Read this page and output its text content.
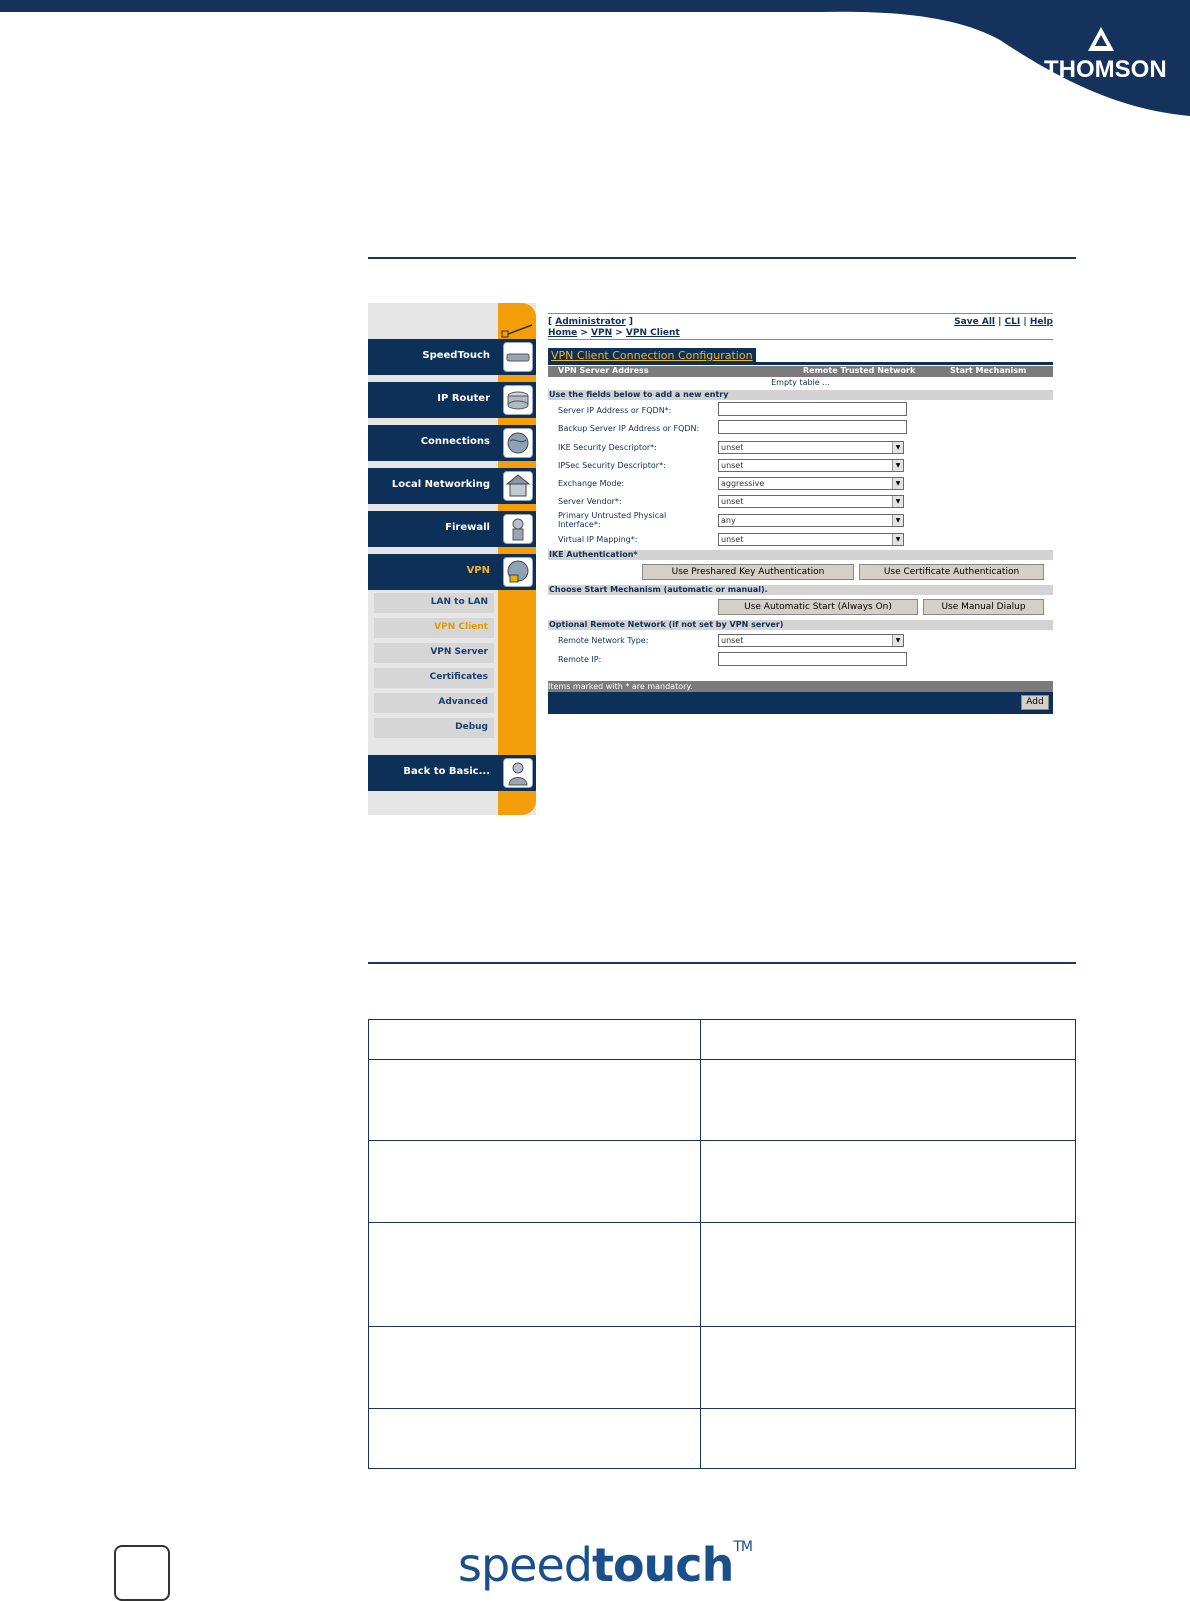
THOMSON
SpeedTouch
IP Router
Connections
Local Networking
Firewall
VPN
LAN to LAN
VPN Client
VPN Server
Certificates
Advanced
Debug
Back to Basic...
[ Administrator ]	Save All | CLI | Help
Home > VPN > VPN Client
VPN Client Connection Configuration
VPN Server Address	Remote Trusted Network	Start Mechanism
Empty table ...
Use the fields below to add a new entry
Server IP Address or FQDN*:
Backup Server IP Address or FQDN:
IKE Security Descriptor*:	unset	▼
IPSec Security Descriptor*:	unset	▼
Exchange Mode:	aggressive	▼
Server Vendor*:	unset	▼
Primary Untrusted Physical
Interface*:	any	▼
Virtual IP Mapping*:	unset	▼
IKE Authentication*
Use Preshared Key Authentication	Use Certificate Authentication
Choose Start Mechanism (automatic or manual).
Use Automatic Start (Always On)	Use Manual Dialup
Optional Remote Network (if not set by VPN server)
Remote Network Type:	unset	▼
Remote IP:
Items marked with * are mandatory.
Add

speedtouch™
